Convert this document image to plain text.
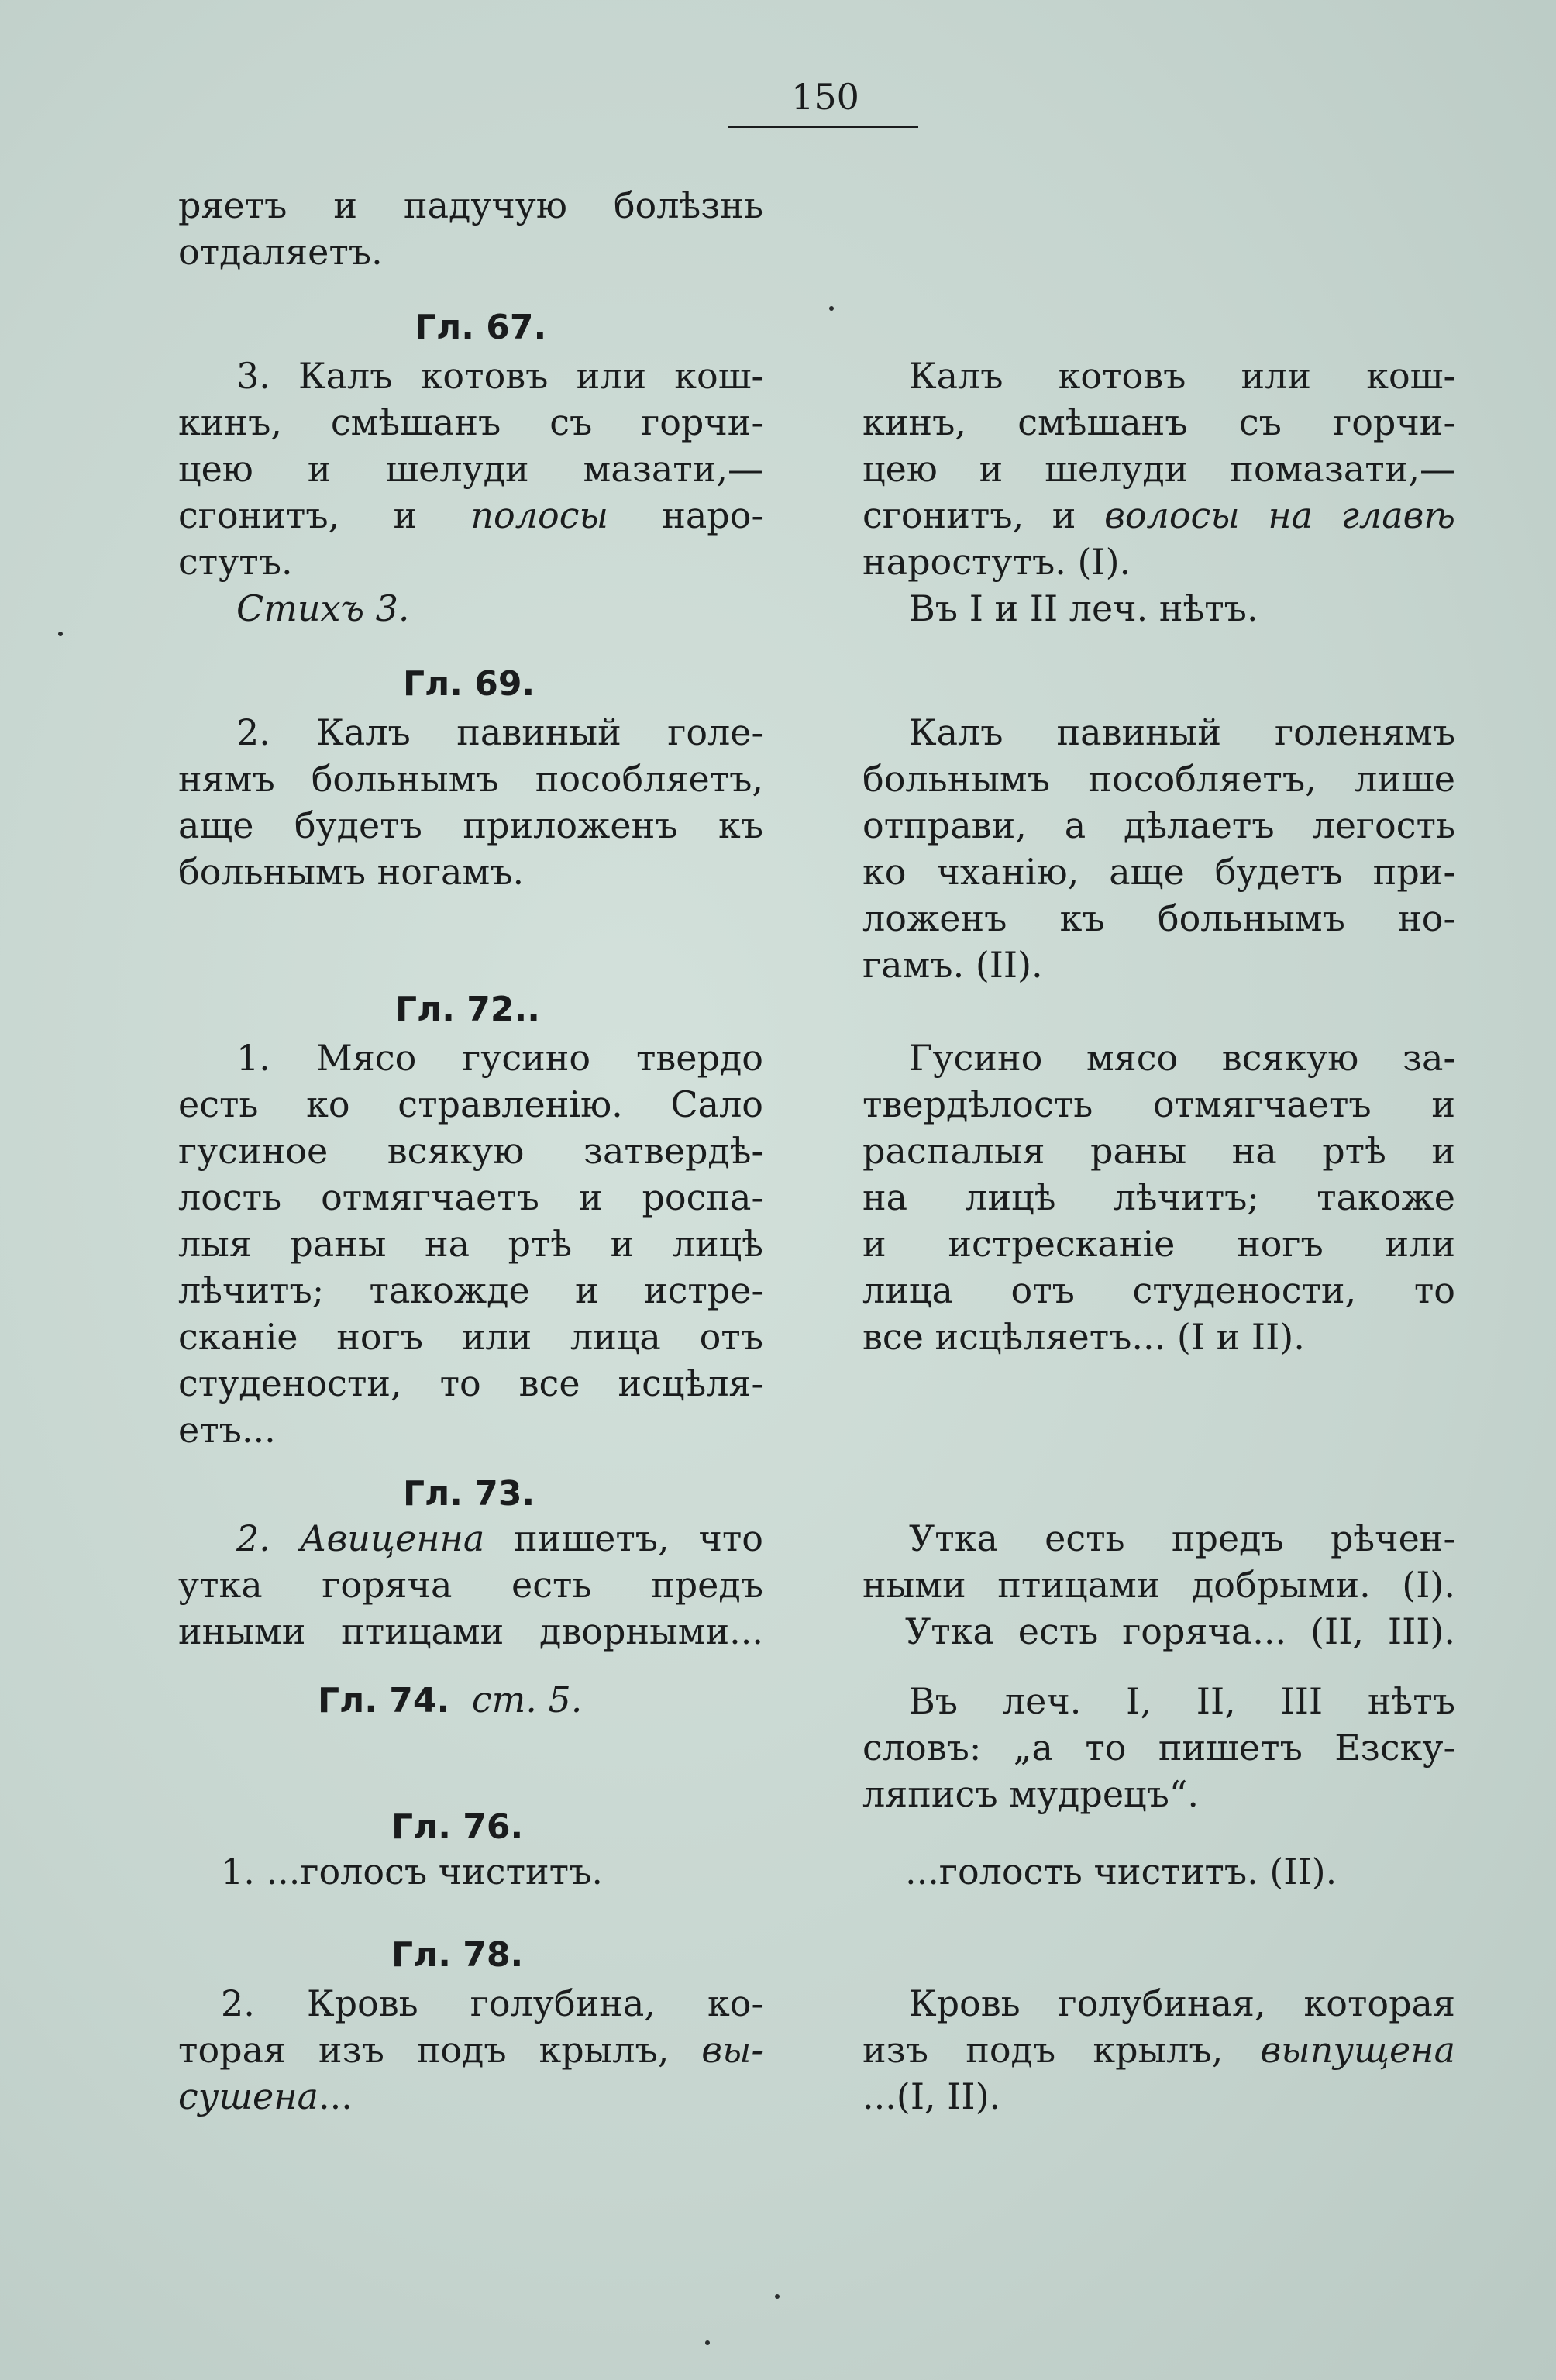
150
ряетъ и падучую болѣзнь
отдаляетъ.
3. Калъ котовъ или кош-
кинъ, смѣшанъ съ горчи-
цею и шелуди мазати,—
сгонитъ, и полосы наро-
стутъ.
Стихъ 3.
2. Калъ павиный голе-
нямъ больнымъ пособляетъ,
аще будетъ приложенъ къ
больнымъ ногамъ.
1. Мясо гусино твердо
есть ко стравленію. Сало
гусиное всякую затвердѣ-
лость отмягчаетъ и роспа-
лыя раны на ртѣ и лицѣ
лѣчитъ; такожде и истре-
сканіе ногъ или лица отъ
студености, то все исцѣля-
етъ...
2. Авиценна пишетъ, что
утка горяча есть предъ
иными птицами дворными...
1. ...голосъ чиститъ.
2. Кровь голубина, ко-
торая изъ подъ крылъ, вы-
сушена...
Калъ котовъ или кош-
кинъ, смѣшанъ съ горчи-
цею и шелуди помазати,—
сгонитъ, и волосы на главѣ
наростутъ. (І).
Въ І и ІІ леч. нѣтъ.
Калъ павиный голенямъ
больнымъ пособляетъ, лише
отправи, а дѣлаетъ легость
ко чханію, аще будетъ при-
ложенъ къ больнымъ но-
гамъ. (ІІ).
Гусино мясо всякую за-
твердѣлость отмягчаетъ и
распалыя раны на ртѣ и
на лицѣ лѣчитъ; такоже
и истресканіе ногъ или
лица отъ студености, то
все исцѣляетъ... (І и ІІ).
Утка есть предъ рѣчен-
ными птицами добрыми. (І).
Утка есть горяча... (ІІ, ІІІ).
Въ леч. І, ІІ, ІІІ нѣтъ
словъ: „а то пишетъ Езску-
ляписъ мудрецъ“.
...голость чиститъ. (ІІ).
Кровь голубиная, которая
изъ подъ крылъ, выпущена
...(І, ІІ).
Гл. 67.
Гл. 69.
Гл. 72..
Гл. 73.
Гл. 74. ст. 5.
Гл. 76.
Гл. 78.
